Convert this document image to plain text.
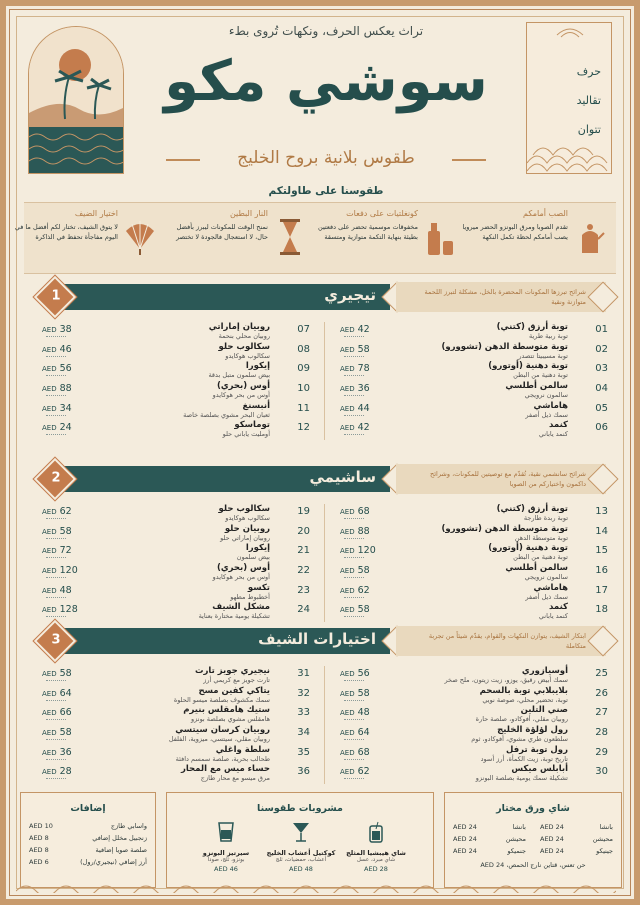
حرف
تقاليد
تتوان
تراث يعكس الحرف، ونكهات تُروى بطء
سوشي مكو
طقوس بلانية بروح الخليج
طقوسنا على طاولتكم
الصب أمامكم
تقدم الصوبا ومرق البونزو الحضر ميرويا يصب أمامكم لحظة تكمل النكهة
كونغلتيات على دفعات
مخفوقات موسمية تحضر على دفعتين بطيئة بنهاية التكمة متوازية ومتسقة
النار البطين
نمنح الوقت للمكونات ليبرز بأفضل حال، لا استعجال فالجودة لا تختصر
اختيار الضيف
لا يتوق الشيف، تختار لكم أفضل ما في اليوم مفاجأة تحفظ في الذاكرة
إضافات
واسابي طازج
AED 10
زنجبيل مخلل إضافي
AED 8
صلصة صويا إضافية
AED 8
أرز إضافي (نيجيري/رول)
AED 6
مشروبات طقوسنا
سيرتيز البونزو
بونزو، ثلج، صودا
AED 46
كوكتيل أعشاب الخليج
أعشاب، حمضيات، ثلج
AED 48
شاي هيبشيا المثلج
شاي مبرد، عسل
AED 28
شاي ورق مختار
بانشا
AED 24
محيشن
AED 24
جينيكو
AED 24
بانشا
AED 24
محيشن
AED 24
جنميكو
AED 24
حن تعس، قتاين نارج الحمص، AED 24
1	تيجيري	شرائح تبرزها المكونات المحضرة بالخل، مشكلة لتبرز اللحمة متوازنة ونقية
01
توبة أرزق (كتني)
توبة ربية طرية
AED 42
02
توبة متوسطة الدهن (تشوورو)
توبة مسيبيتا تتصدر
AED 58
03
توبة دهنية (أوتورو)
توبة دهنية من البطن
AED 78
04
سالمن أطلسي
سالمون نرويجي
AED 36
05
هاماشي
سمك ذيل أصفر
AED 44
06
كنمد
كنمد ياباني
AED 42
07
روبيان إماراتي
روبيان محلي بنحمة
AED 38
08
سكالوب حلو
سكالوب هوكايدو
AED 46
09
إيكورا
بيض سلمون متبل بدقة
AED 56
10
أوس (بحري)
أوس من بحر هوكايدو
AED 88
11
أنبسنغ
ثعبان البحر مشوي بصلصة خاصة
AED 34
12
توماسكو
أومليت ياباني حلو
AED 24
2	ساشيمي	شرائح سانشمي نقية، تُقدّم مع توصيتين للمكونات، وشرائح داكمون واختياركم من الصويا
13
توبة أرزق (كتني)
توبة ربدة طارجة
AED 68
14
توبة متوسطة الدهن (تشوورو)
توبة متوسطة الدهن
AED 88
15
توبة دهنية (أوتورو)
توبة دهنية من البطن
AED 120
16
سالمن أطلسي
سالمون نرويجي
AED 58
17
هاماشي
سمك ذيل أصفر
AED 62
18
كنمد
كنمد ياباني
AED 58
19
سكالوب حلو
سكالوب هوكايدو
AED 62
20
روبيان حلو
روبيان إماراتي حلو
AED 58
21
إيكورا
بيض سلمون
AED 72
22
أوس (بحري)
أوس من بحر هوكايدو
AED 120
23
تكسو
أخطبوط مطهو
AED 48
24
مشكل الشيف
تشكيلة يومية مختارة بعناية
AED 128
3	اختيارات الشيف	ابتكار الشيف، يتوازن النكهات والقوام، يقدّم شيئاً من تجربة متكاملة
25
أوسيازوري
سمك أبيض رقيق، يوزو، زيت زيتون، ملح صخر
AED 56
26
بلايبلابي توبة بالسحم
توبة، تحضير محلي، صوصة نويي
AED 58
27
صني التلين
روبيان مقلي، أفوكادو، صلصة حارة
AED 48
28
رول لؤلؤة الخليج
سلطعون طري مشوي، أفوكادو، ثوم
AED 64
29
رول توبة ترفل
تاريخ توبة، زيت الكمأة، أرز أسود
AED 68
30
أبابلس ميكس
تشكيلة سمك يومية بصلصة البونزو
AED 62
31
نيجيري جويز تارت
تارت جويز مع كريمي أرز
AED 58
32
يتاكي كفين مسح
سمك مكشوف بصلصة ميسو الحلوة
AED 64
33
ستيك هامقلس بنيرم
هامقلس مشوي بصلصة بونزو
AED 66
34
روبيان كرسان سيتسي
روبيان مقلي، سيتسي، ميزوية، الفلفل
AED 58
35
سلطة واغلي
طحالب بحرية، صلصة سمسم دافئة
AED 36
36
حساء ميس مع المحار
مرق ميسو مع محار طازج
AED 28
